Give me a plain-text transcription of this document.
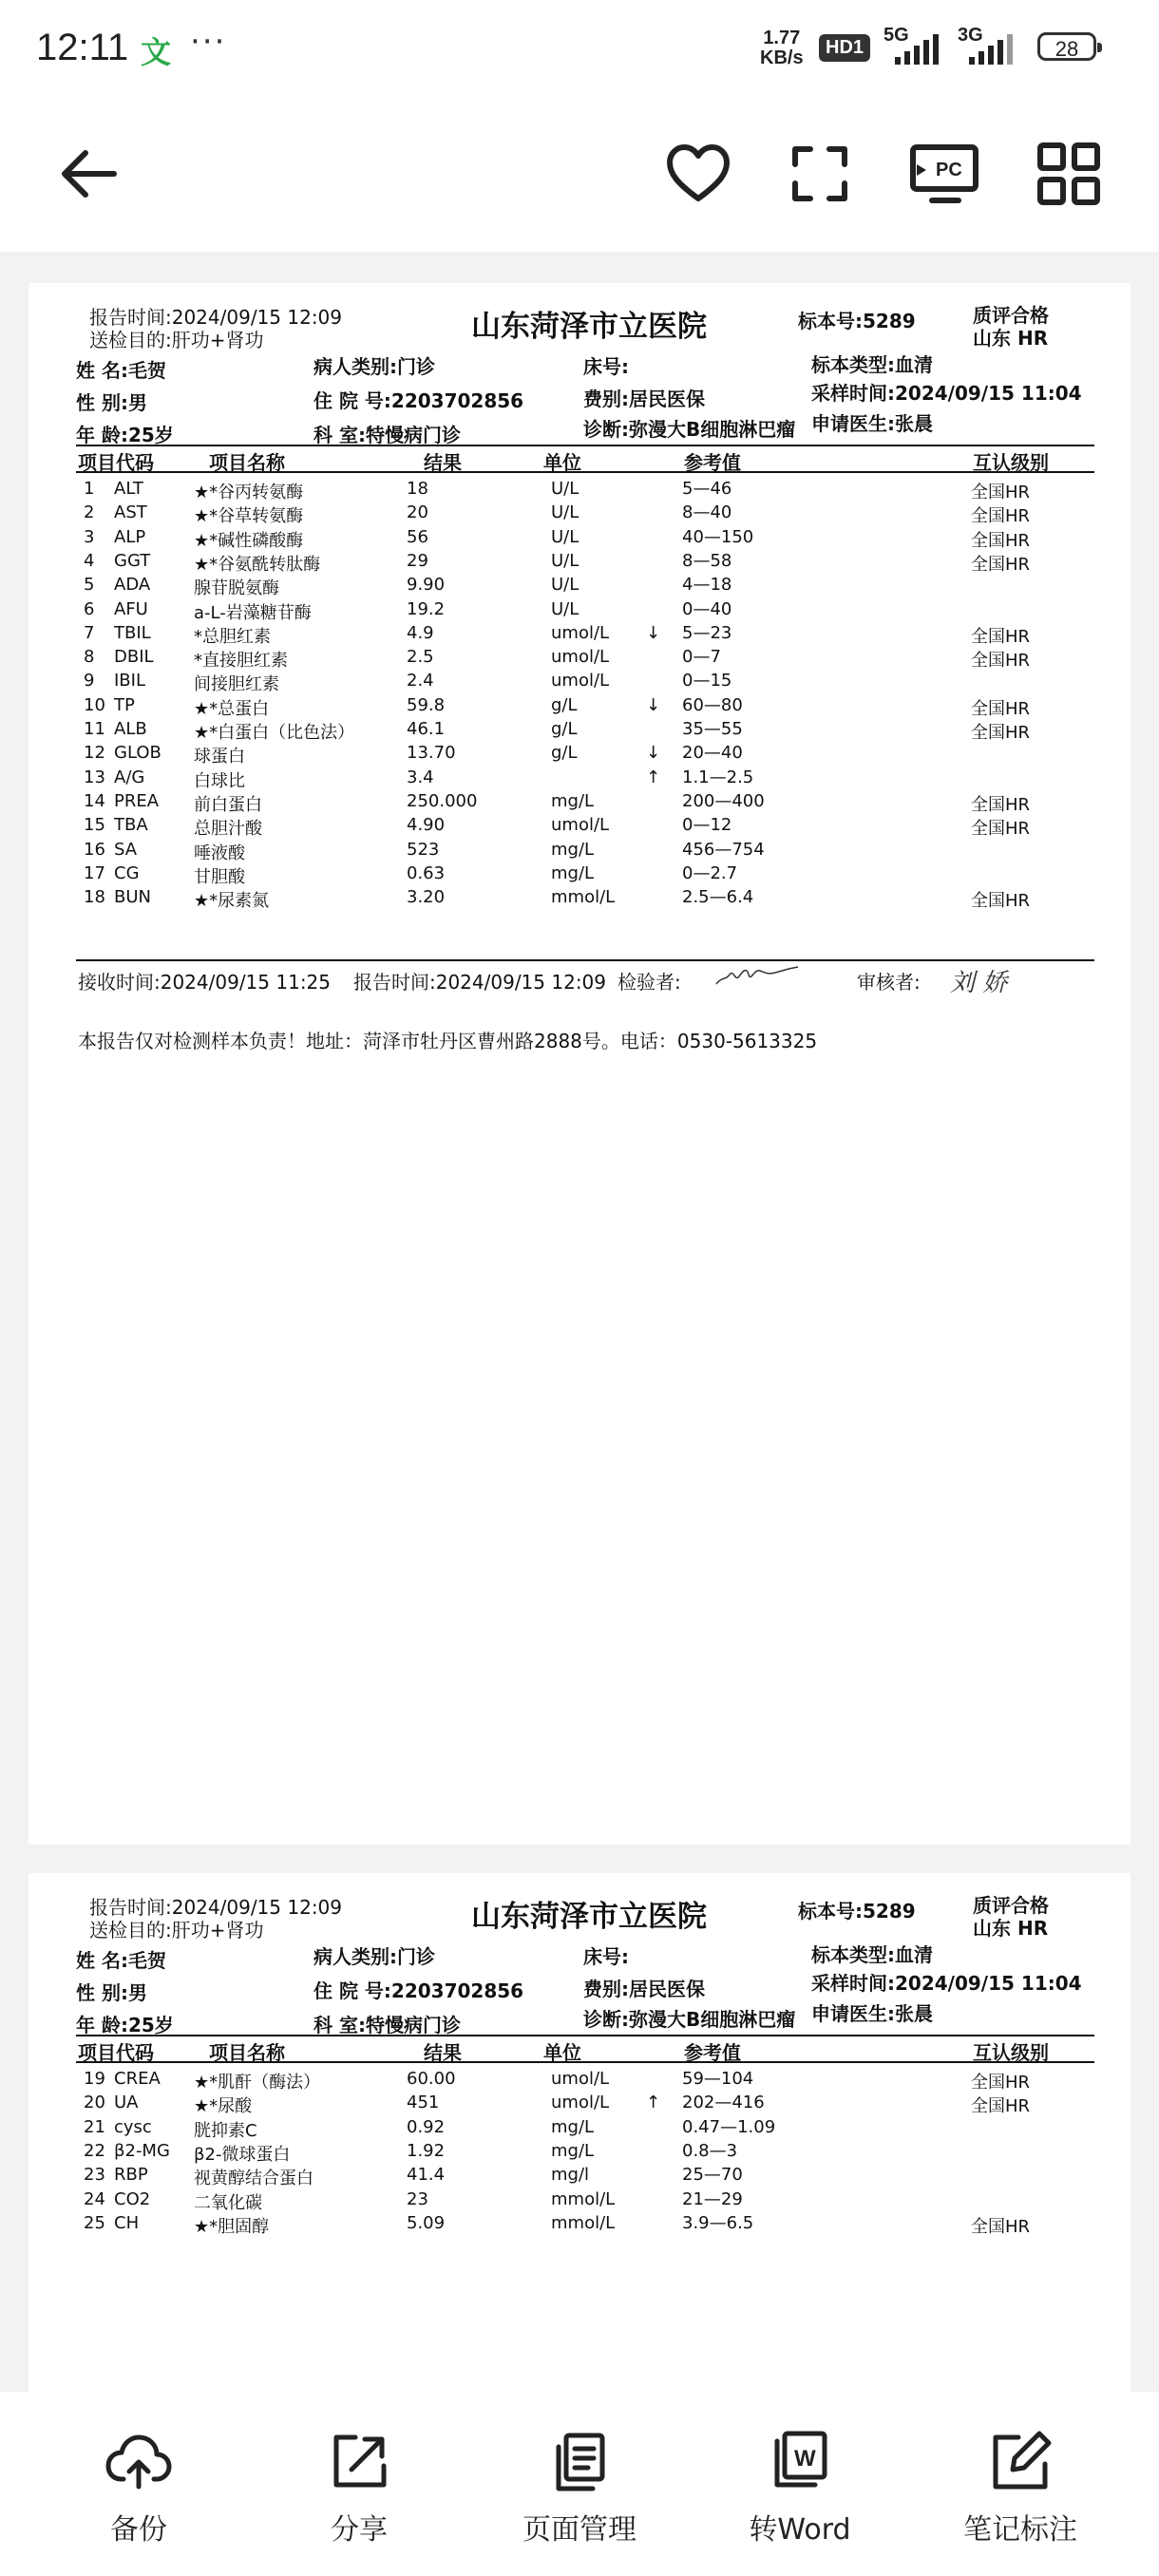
12:11 文 ···	1.77
KB/s	HD1
5G	3G
28
PC
报告时间:2024/09/15 12:09
送检目的:肝功+肾功	山东菏泽市立医院	标本号:5289	质评合格
山东 HR
姓 名:毛贺	病人类别:门诊	床号:	标本类型:血清
性 别:男	住 院 号:2203702856	费别:居民医保	采样时间:2024/09/15 11:04
年 龄:25岁	科 室:特慢病门诊	诊断:弥漫大B细胞淋巴瘤 申请医生:张晨
项目代码	项目名称	结果	单位	参考值	互认级别
1	ALT	★*谷丙转氨酶	18	U/L	5—46	全国HR
2	AST	★*谷草转氨酶	20	U/L	8—40	全国HR
3	ALP	★*碱性磷酸酶	56	U/L	40—150	全国HR
4	GGT	★*谷氨酰转肽酶	29	U/L	8—58	全国HR
5	ADA	腺苷脱氨酶	9.90	U/L	4—18
6	AFU	a-L-岩藻糖苷酶	19.2	U/L	0—40
7	TBIL	*总胆红素	4.9	umol/L ↓ 5—23	全国HR
8	DBIL *直接胆红素	2.5	umol/L	0—7	全国HR
9	IBIL	间接胆红素	2.4	umol/L	0—15
10 TP	★*总蛋白	59.8	g/L	↓ 60—80	全国HR
11 ALB	★*白蛋白（比色法）	46.1	g/L	35—55	全国HR
12 GLOB 球蛋白	13.70	g/L	↓ 20—40
13 A/G	白球比	3.4	↑ 1.1—2.5
14 PREA 前白蛋白	250.000	mg/L	200—400	全国HR
15 TBA	总胆汁酸	4.90	umol/L	0—12	全国HR
16 SA	唾液酸	523	mg/L	456—754
17 CG	甘胆酸	0.63	mg/L	0—2.7
18 BUN	★*尿素氮	3.20	mmol/L	2.5—6.4	全国HR
接收时间:2024/09/15 11:25 报告时间:2024/09/15 12:09 检验者:	审核者: 刘 娇
本报告仅对检测样本负责！地址：菏泽市牡丹区曹州路2888号。电话：0530-5613325
报告时间:2024/09/15 12:09
送检目的:肝功+肾功	山东菏泽市立医院	标本号:5289	质评合格
山东 HR
姓 名:毛贺	病人类别:门诊	床号:	标本类型:血清
性 别:男	住 院 号:2203702856	费别:居民医保	采样时间:2024/09/15 11:04
年 龄:25岁	科 室:特慢病门诊	诊断:弥漫大B细胞淋巴瘤 申请医生:张晨
项目代码	项目名称	结果	单位	参考值	互认级别
19 CREA ★*肌酐（酶法）	60.00	umol/L	59—104	全国HR
20 UA	★*尿酸	451	umol/L ↑ 202—416	全国HR
21 cysc 胱抑素C	0.92	mg/L	0.47—1.09
22 β2-MG β2-微球蛋白	1.92	mg/L	0.8—3
23 RBP	视黄醇结合蛋白	41.4	mg/l	25—70
24 CO2	二氧化碳	23	mmol/L	21—29
25 CH	★*胆固醇	5.09	mmol/L	3.9—6.5	全国HR
备份	分享	页面管理
W
转Word	笔记标注
